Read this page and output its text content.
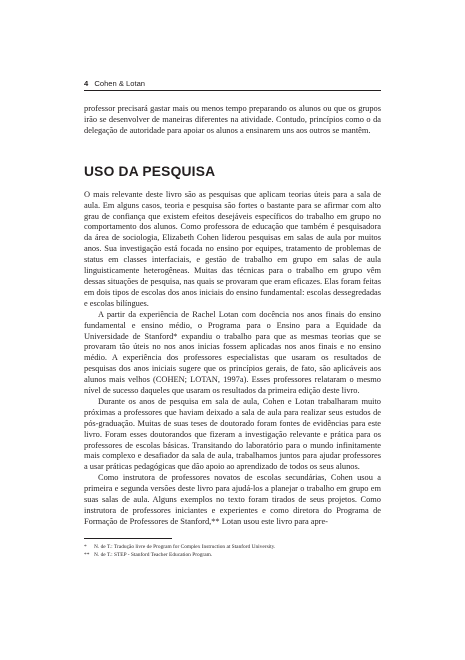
4 Cohen & Lotan

professor precisará gastar mais ou menos tempo preparando os alunos ou que os grupos irão se desenvolver de maneiras diferentes na atividade. Contudo, princípios como o da delegação de autoridade para apoiar os alunos a ensinarem uns aos outros se mantêm.

USO DA PESQUISA

O mais relevante deste livro são as pesquisas que aplicam teorias úteis para a sala de aula. Em alguns casos, teoria e pesquisa são fortes o bastante para se afirmar com alto grau de confiança que existem efeitos desejáveis específicos do trabalho em grupo no comportamento dos alunos. Como professora de educação que também é pesquisadora da área de sociologia, Elizabeth Cohen liderou pesquisas em salas de aula por muitos anos. Sua investigação está focada no ensino por equipes, tratamento de problemas de status em classes interfaciais, e gestão de trabalho em grupo em salas de aula linguisticamente heterogêneas. Muitas das técnicas para o trabalho em grupo vêm dessas situações de pesquisa, nas quais se provaram que eram eficazes. Elas foram feitas em dois tipos de escolas dos anos iniciais do ensino fundamental: escolas dessegredadas e escolas bilíngues.

A partir da experiência de Rachel Lotan com docência nos anos finais do ensino fundamental e ensino médio, o Programa para o Ensino para a Equidade da Universidade de Stanford* expandiu o trabalho para que as mesmas teorias que se provaram tão úteis no nos anos inicias fossem aplicadas nos anos finais e no ensino médio. A experiência dos professores especialistas que usaram os resultados de pesquisas dos anos iniciais sugere que os princípios gerais, de fato, são aplicáveis aos alunos mais velhos (COHEN; LOTAN, 1997a). Esses professores relataram o mesmo nível de sucesso daqueles que usaram os resultados da primeira edição deste livro.

Durante os anos de pesquisa em sala de aula, Cohen e Lotan trabalharam muito próximas a professores que haviam deixado a sala de aula para realizar seus estudos de pós-graduação. Muitas de suas teses de doutorado foram fontes de evidências para este livro. Foram esses doutorandos que fizeram a investigação relevante e prática para os professores de escolas básicas. Transitando do laboratório para o mundo infinitamente mais complexo e desafiador da sala de aula, trabalhamos juntos para ajudar professores a usar práticas pedagógicas que dão apoio ao aprendizado de todos os seus alunos.

Como instrutora de professores novatos de escolas secundárias, Cohen usou a primeira e segunda versões deste livro para ajudá-los a planejar o trabalho em grupo em suas salas de aula. Alguns exemplos no texto foram tirados de seus projetos. Como instrutora de professores iniciantes e experientes e como diretora do Programa de Formação de Professores de Stanford,** Lotan usou este livro para apre-

* N. de T.: Tradução livre de Program for Complex Instruction at Stanford University.
** N. de T.: STEP - Stanford Teacher Education Program.
